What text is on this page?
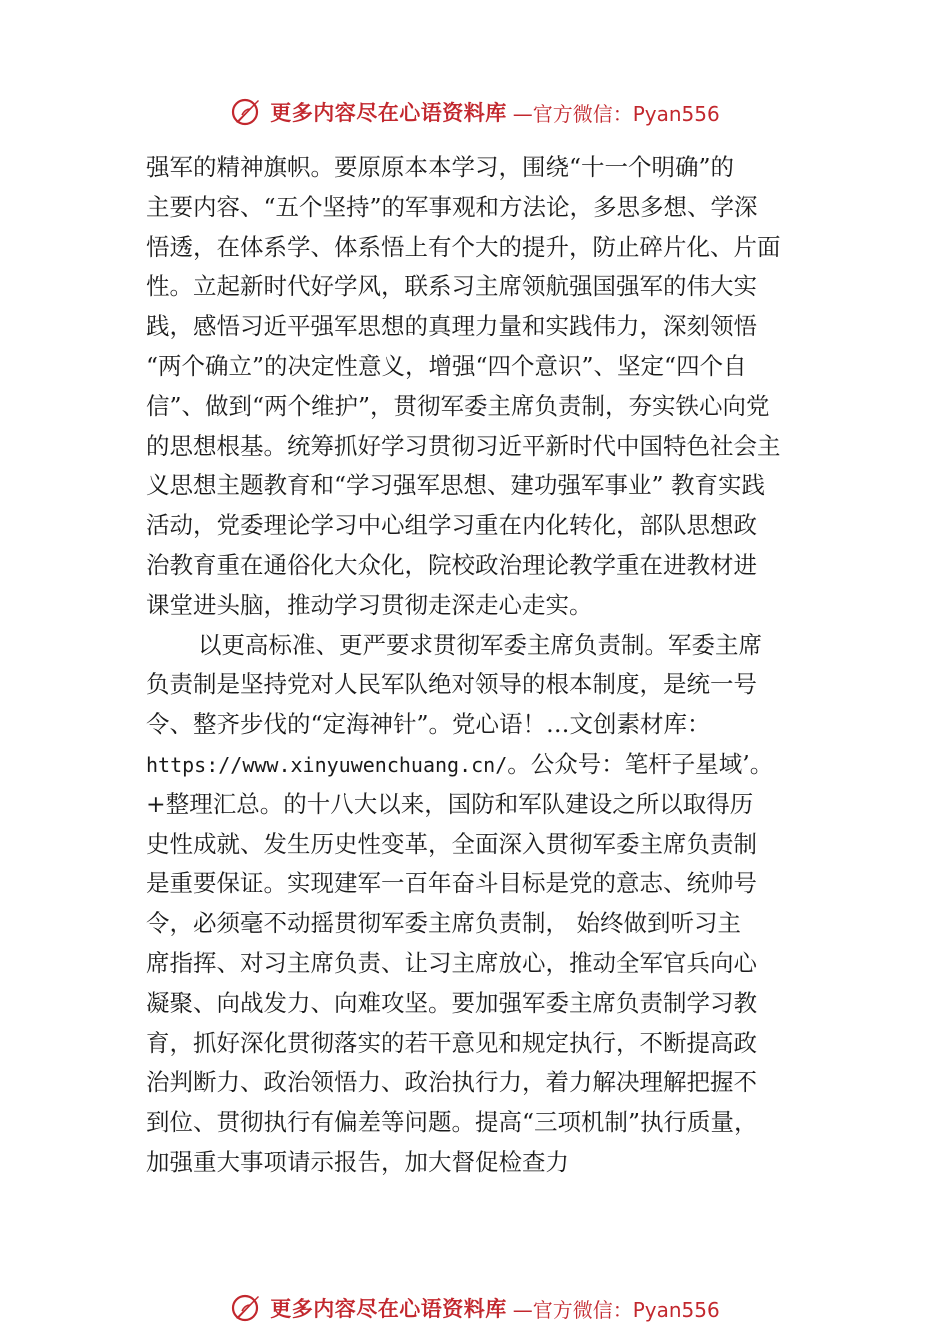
更多内容尽在心语资料库 —官方微信：Pyan556
强军的精神旗帜。要原原本本学习，围绕“十一个明确”的
主要内容、“五个坚持”的军事观和方法论，多思多想、学深
悟透，在体系学、体系悟上有个大的提升，防止碎片化、片面
性。立起新时代好学风，联系习主席领航强国强军的伟大实
践，感悟习近平强军思想的真理力量和实践伟力，深刻领悟
“两个确立”的决定性意义，增强“四个意识”、坚定“四个自
信”、做到“两个维护”，贯彻军委主席负责制，夯实铁心向党
的思想根基。统筹抓好学习贯彻习近平新时代中国特色社会主
义思想主题教育和“学习强军思想、建功强军事业” 教育实践
活动，党委理论学习中心组学习重在内化转化，部队思想政
治教育重在通俗化大众化，院校政治理论教学重在进教材进
课堂进头脑，推动学习贯彻走深走心走实。
以更高标准、更严要求贯彻军委主席负责制。军委主席
负责制是坚持党对人民军队绝对领导的根本制度，是统一号
令、整齐步伐的“定海神针”。党心语！…文创素材库：
https://www.xinyuwenchuang.cn/。公众号：笔杆子星域’。
+整理汇总。的十八大以来，国防和军队建设之所以取得历
史性成就、发生历史性变革，全面深入贯彻军委主席负责制
是重要保证。实现建军一百年奋斗目标是党的意志、统帅号
令，必须毫不动摇贯彻军委主席负责制， 始终做到听习主
席指挥、对习主席负责、让习主席放心，推动全军官兵向心
凝聚、向战发力、向难攻坚。要加强军委主席负责制学习教
育，抓好深化贯彻落实的若干意见和规定执行，不断提高政
治判断力、政治领悟力、政治执行力，着力解决理解把握不
到位、贯彻执行有偏差等问题。提高“三项机制”执行质量，
加强重大事项请示报告，加大督促检查力
更多内容尽在心语资料库 —官方微信：Pyan556
